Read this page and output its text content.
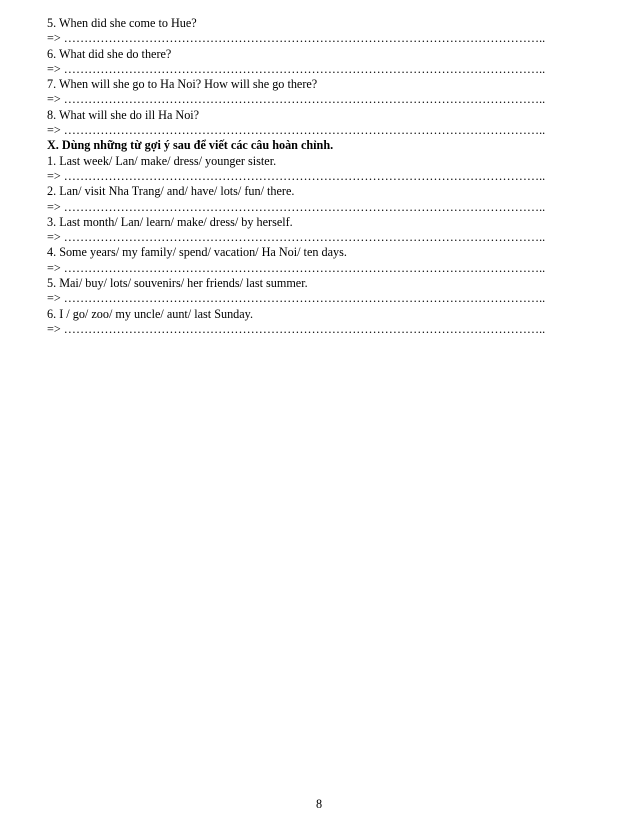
5. When did she come to Hue?
=> ………………………………………………………………………………………………………..
6. What did she do there?
=> ………………………………………………………………………………………………………..
7. When will she go to Ha Noi? How will she go there?
=> ………………………………………………………………………………………………………..
8. What will she do ill Ha Noi?
=> ………………………………………………………………………………………………………..
X. Dùng những từ gợi ý sau để viết các câu hoàn chỉnh.
1. Last week/ Lan/ make/ dress/ younger sister.
=> ………………………………………………………………………………………………………..
2. Lan/ visit Nha Trang/ and/ have/ lots/ fun/ there.
=> ………………………………………………………………………………………………………..
3. Last month/ Lan/ learn/ make/ dress/ by herself.
=> ………………………………………………………………………………………………………..
4. Some years/ my family/ spend/ vacation/ Ha Noi/ ten days.
=> ………………………………………………………………………………………………………..
5. Mai/ buy/ lots/ souvenirs/ her friends/ last summer.
=> ………………………………………………………………………………………………………..
6. I / go/ zoo/ my uncle/ aunt/ last Sunday.
=> ………………………………………………………………………………………………………..
8
